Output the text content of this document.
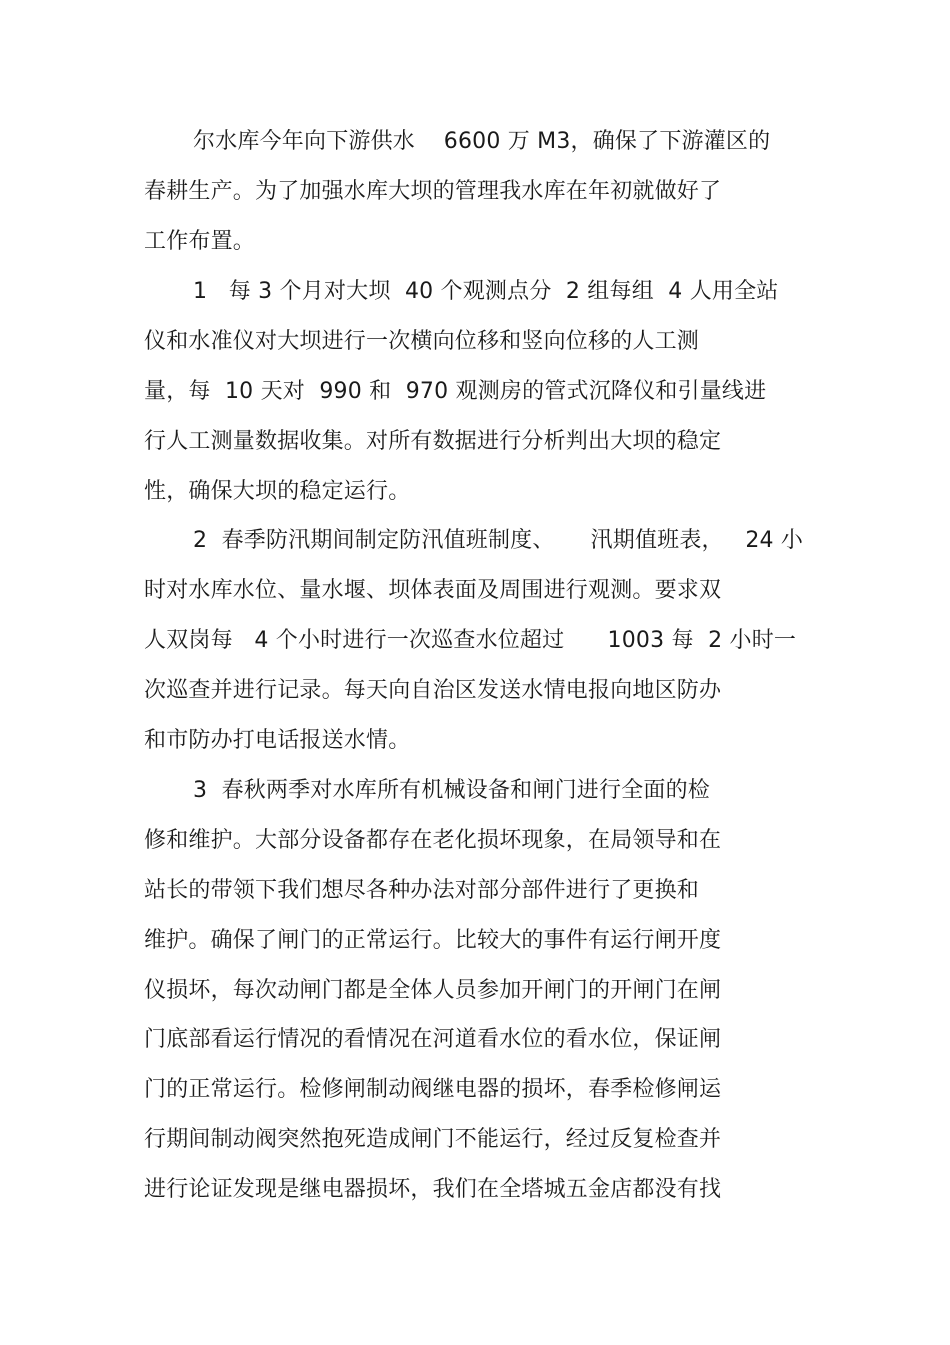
尔水库今年向下游供水    6600 万 M3，确保了下游灌区的
春耕生产。为了加强水库大坝的管理我水库在年初就做好了
工作布置。
1   每 3 个月对大坝  40 个观测点分  2 组每组  4 人用全站
仪和水准仪对大坝进行一次横向位移和竖向位移的人工测
量，每  10 天对  990 和  970 观测房的管式沉降仪和引量线进
行人工测量数据收集。对所有数据进行分析判出大坝的稳定
性，确保大坝的稳定运行。
2  春季防汛期间制定防汛值班制度、     汛期值班表，   24 小
时对水库水位、量水堰、坝体表面及周围进行观测。要求双
人双岗每   4 个小时进行一次巡查水位超过      1003 每  2 小时一
次巡查并进行记录。每天向自治区发送水情电报向地区防办
和市防办打电话报送水情。
3  春秋两季对水库所有机械设备和闸门进行全面的检
修和维护。大部分设备都存在老化损坏现象，在局领导和在
站长的带领下我们想尽各种办法对部分部件进行了更换和
维护。确保了闸门的正常运行。比较大的事件有运行闸开度
仪损坏，每次动闸门都是全体人员参加开闸门的开闸门在闸
门底部看运行情况的看情况在河道看水位的看水位，保证闸
门的正常运行。检修闸制动阀继电器的损坏，春季检修闸运
行期间制动阀突然抱死造成闸门不能运行，经过反复检查并
进行论证发现是继电器损坏，我们在全塔城五金店都没有找
